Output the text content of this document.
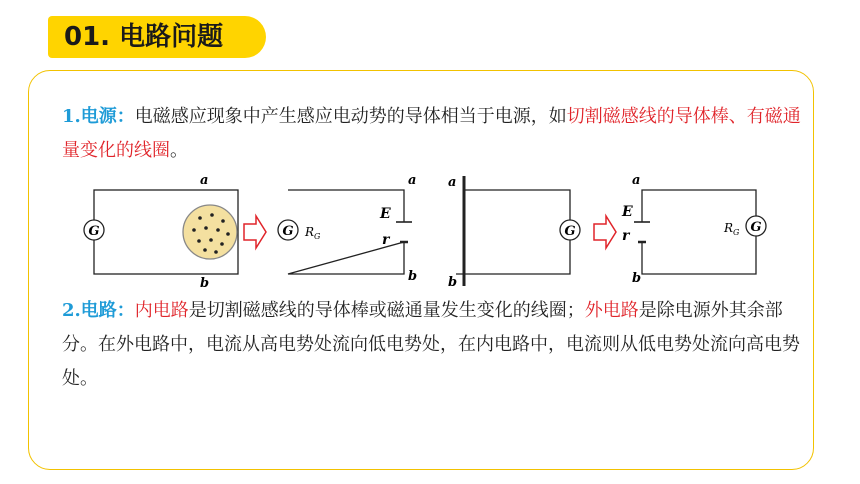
01. 电路问题
1.电源：电磁感应现象中产生感应电动势的导体相当于电源，如切割磁感线的导体棒、有磁通量变化的线圈。
G
a
b
G R G
E
r
a
b
G
a
b
G
R G
E
r
a
b
2.电路：内电路是切割磁感线的导体棒或磁通量发生变化的线圈；外电路是除电源外其余部分。在外电路中，电流从高电势处流向低电势处，在内电路中，电流则从低电势处流向高电势处。
